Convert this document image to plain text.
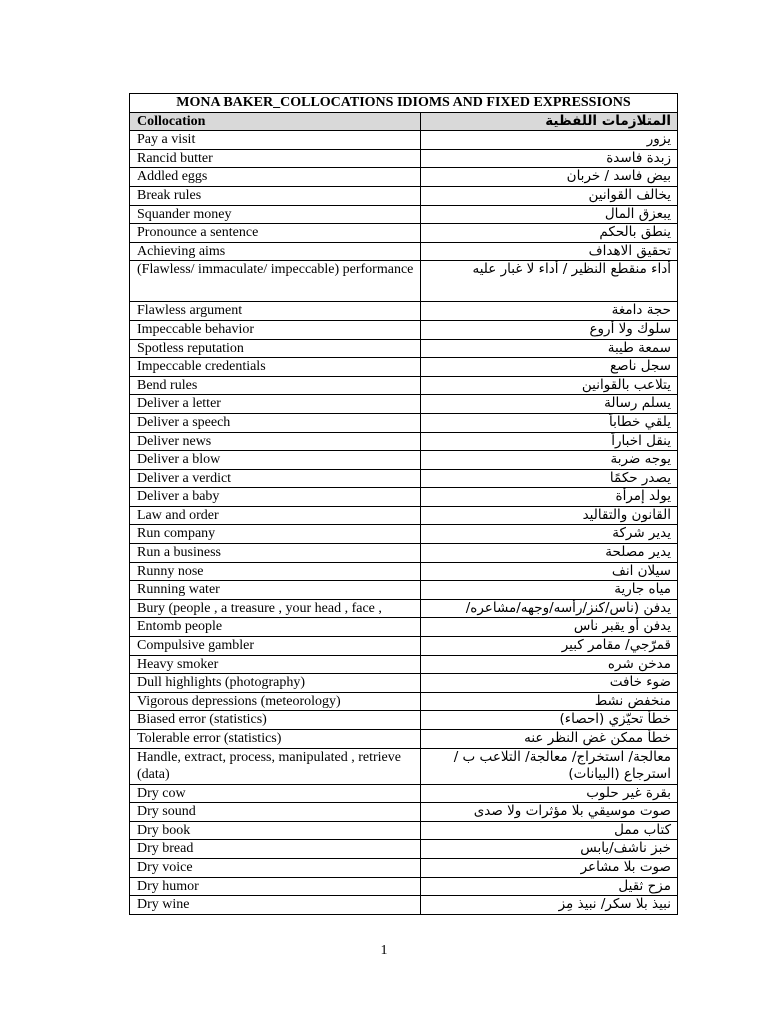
MONA BAKER_COLLOCATIONS IDIOMS AND FIXED EXPRESSIONS	
Collocation	المتلازمات اللفظية
Pay a visit	يزور
Rancid butter	زبدة فاسدة
Addled eggs	بيض فاسد / خربان
Break rules	يخالف القوانين
Squander money	يبعزق المال
Pronounce a sentence	ينطق بالحكم
Achieving aims	تحقيق الاهداف
(Flawless/ immaculate/ impeccable) performance	أداء منقطع النظير / أداء لا غبار عليه
Flawless argument	حجة دامغة
Impeccable behavior	سلوك ولا أروع
Spotless reputation	سمعة طيبة
Impeccable credentials	سجل ناصع
Bend rules	يتلاعب بالقوانين
Deliver a letter	يسلم رسالة
Deliver a speech	يلقي خطاباً
Deliver news	ينقل اخباراً
Deliver a blow	يوجه ضربة
Deliver a verdict	يصدر حكمًا
Deliver a baby	يولد إمرأة
Law and order	القانون والتقاليد
Run company	يدير شركة
Run a business	يدير مصلحة
Runny nose	سيلان انف
Running water	مياه جارية
Bury (people , a treasure , your head , face ,	يدفن (ناس/كنز/رأسه/وجهه/مشاعره/
Entomb people	يدفن أو يقبر ناس
Compulsive gambler	قمرّجي/ مقامر كبير
Heavy smoker	مدخن شره
Dull highlights (photography)	ضوء خافت
Vigorous depressions (meteorology)	منخفض نشط
Biased error (statistics)	خطأ تحيّزي (احصاء)
Tolerable error (statistics)	خطأ ممكن غض النظر عنه
Handle, extract, process, manipulated , retrieve (data)	معالجة/ استخراج/ معالجة/ التلاعب ب / استرجاع (البيانات)
Dry cow	بقرة غير حلوب
Dry sound	صوت موسيقي بلا مؤثرات ولا صدى
Dry book	كتاب ممل
Dry bread	خبز ناشف/يابس
Dry voice	صوت بلا مشاعر
Dry humor	مزح ثقيل
Dry wine	نبيذ بلا سكر/ نبيذ مِز
1
